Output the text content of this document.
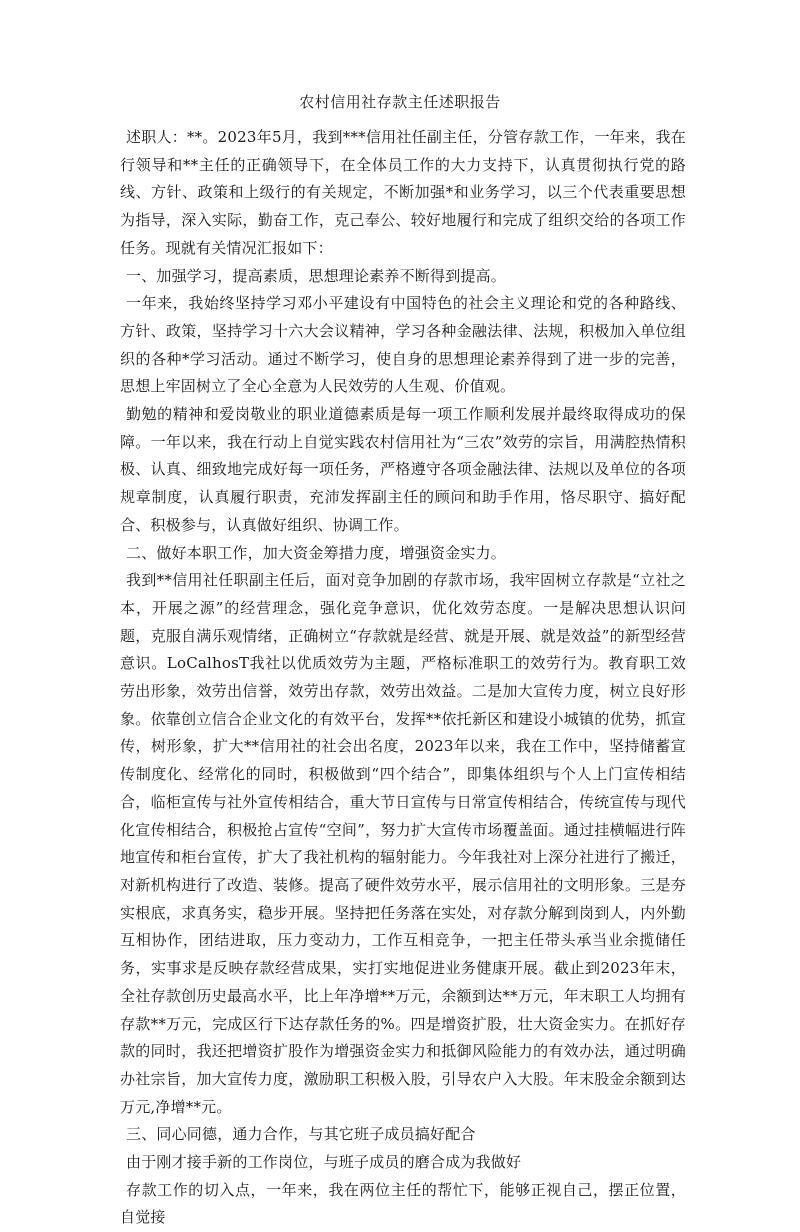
农村信用社存款主任述职报告

述职人：**。2023年5月，我到***信用社任副主任，分管存款工作，一年来，我在行领导和**主任的正确领导下，在全体员工作的大力支持下，认真贯彻执行党的路线、方针、政策和上级行的有关规定，不断加强*和业务学习，以三个代表重要思想为指导，深入实际，勤奋工作，克己奉公、较好地履行和完成了组织交给的各项工作任务。现就有关情况汇报如下：

一、加强学习，提高素质，思想理论素养不断得到提高。

一年来，我始终坚持学习邓小平建设有中国特色的社会主义理论和党的各种路线、方针、政策，坚持学习十六大会议精神，学习各种金融法律、法规，积极加入单位组织的各种*学习活动。通过不断学习，使自身的思想理论素养得到了进一步的完善，思想上牢固树立了全心全意为人民效劳的人生观、价值观。

勤勉的精神和爱岗敬业的职业道德素质是每一项工作顺利发展并最终取得成功的保障。一年以来，我在行动上自觉实践农村信用社为“三农”效劳的宗旨，用满腔热情积极、认真、细致地完成好每一项任务，严格遵守各项金融法律、法规以及单位的各项规章制度，认真履行职责，充沛发挥副主任的顾问和助手作用，恪尽职守、搞好配合、积极参与，认真做好组织、协调工作。

二、做好本职工作，加大资金筹措力度，增强资金实力。

我到**信用社任职副主任后，面对竞争加剧的存款市场，我牢固树立存款是“立社之本，开展之源”的经营理念，强化竞争意识，优化效劳态度。一是解决思想认识问题，克服自满乐观情绪，正确树立“存款就是经营、就是开展、就是效益”的新型经营意识。LoCalhosT我社以优质效劳为主题，严格标准职工的效劳行为。教育职工效劳出形象，效劳出信誉，效劳出存款，效劳出效益。二是加大宣传力度，树立良好形象。依靠创立信合企业文化的有效平台，发挥**依托新区和建设小城镇的优势，抓宣传，树形象，扩大**信用社的社会出名度，2023年以来，我在工作中，坚持储蓄宣传制度化、经常化的同时，积极做到“四个结合”，即集体组织与个人上门宣传相结合，临柜宣传与社外宣传相结合，重大节日宣传与日常宣传相结合，传统宣传与现代化宣传相结合，积极抢占宣传“空间”，努力扩大宣传市场覆盖面。通过挂横幅进行阵地宣传和柜台宣传，扩大了我社机构的辐射能力。今年我社对上深分社进行了搬迁，对新机构进行了改造、装修。提高了硬件效劳水平，展示信用社的文明形象。三是夯实根底，求真务实，稳步开展。坚持把任务落在实处，对存款分解到岗到人，内外勤互相协作，团结进取，压力变动力，工作互相竞争，一把主任带头承当业余揽储任务，实事求是反映存款经营成果，实打实地促进业务健康开展。截止到2023年末，全社存款创历史最高水平，比上年净增**万元，余额到达**万元，年末职工人均拥有存款**万元，完成区行下达存款任务的%。四是增资扩股，壮大资金实力。在抓好存款的同时，我还把增资扩股作为增强资金实力和抵御风险能力的有效办法，通过明确办社宗旨，加大宣传力度，激励职工积极入股，引导农户入大股。年末股金余额到达万元,净增**元。

三、同心同德，通力合作，与其它班子成员搞好配合

由于刚才接手新的工作岗位，与班子成员的磨合成为我做好

存款工作的切入点，一年来，我在两位主任的帮忙下，能够正视自己，摆正位置，自觉接
